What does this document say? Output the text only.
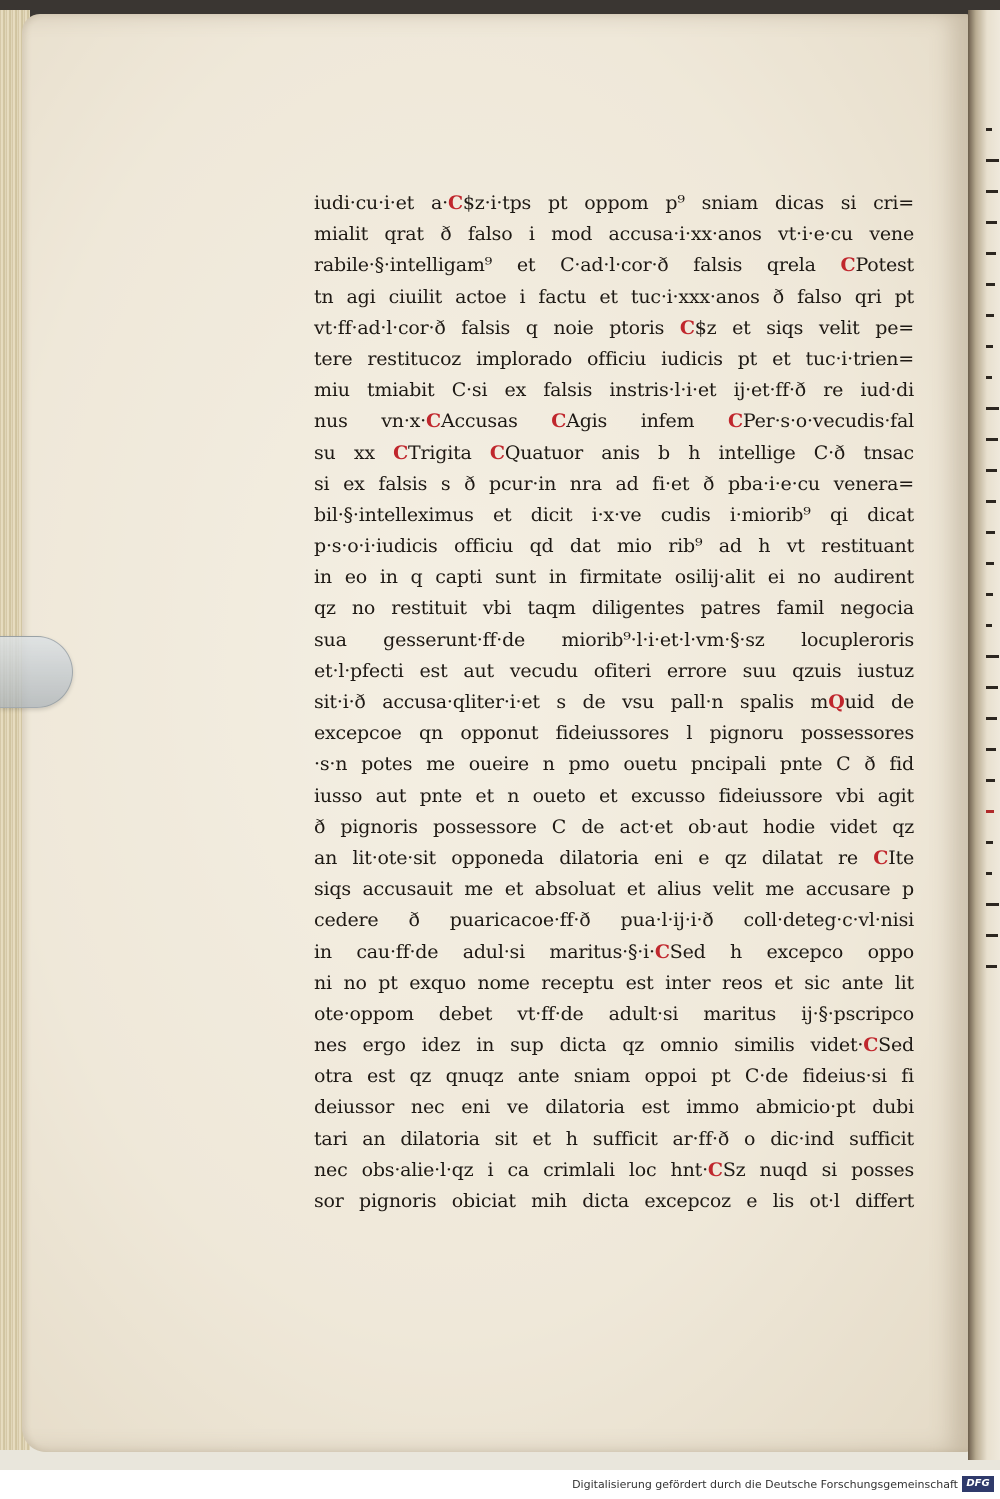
iudi·cu·i·et a·C$z·i·tps pt oppom p⁹ sniam dicas si cri=
mialit qrat ð falso i mod accusa·i·xx·anos vt·i·e·cu vene
rabile·§·intelligam⁹ et C·ad·l·cor·ð falsis qrela CPotest
tn agi ciuilit actoe i factu et tuc·i·xxx·anos ð falso qri pt
vt·ff·ad·l·cor·ð falsis q noie ptoris C$z et siqs velit pe=
tere restitucoz implorado officiu iudicis pt et tuc·i·trien=
miu tmiabit C·si ex falsis instris·l·i·et ij·et·ff·ð re iud·di
nus vn·x·CAccusas CAgis infem CPer·s·o·vecudis·fal
su xx CTrigita CQuatuor anis b h intellige C·ð tnsac
si ex falsis s ð pcur·in nra ad fi·et ð pba·i·e·cu venera=
bil·§·intelleximus et dicit i·x·ve cudis i·miorib⁹ qi dicat
p·s·o·i·iudicis officiu qd dat mio rib⁹ ad h vt restituant
in eo in q capti sunt in firmitate osilij·alit ei no audirent
qz no restituit vbi taqm diligentes patres famil negocia
sua gesserunt·ff·de miorib⁹·l·i·et·l·vm·§·sz locupleroris
et·l·pfecti est aut vecudu ofiteri errore suu qzuis iustuz
sit·i·ð accusa·qliter·i·et s de vsu pall·n spalis mQuid de
excepcoe qn opponut fideiussores l pignoru possessores
·s·n potes me oueire n pmo ouetu pncipali pnte C ð fid
iusso aut pnte et n oueto et excusso fideiussore vbi agit
ð pignoris possessore C de act·et ob·aut hodie videt qz
an lit·ote·sit opponeda dilatoria eni e qz dilatat re CIte
siqs accusauit me et absoluat et alius velit me accusare p
cedere ð puaricacoe·ff·ð pua·l·ij·i·ð coll·deteg·c·vl·nisi
in cau·ff·de adul·si maritus·§·i·CSed h excepco oppo
ni no pt exquo nome receptu est inter reos et sic ante lit
ote·oppom debet vt·ff·de adult·si maritus ij·§·pscripco
nes ergo idez in sup dicta qz omnio similis videt·CSed
otra est qz qnuqz ante sniam oppoi pt C·de fideius·si fi
deiussor nec eni ve dilatoria est immo abmicio·pt dubi
tari an dilatoria sit et h sufficit ar·ff·ð o dic·ind sufficit
nec obs·alie·l·qz i ca crimlali loc hnt·CSz nuqd si posses
sor pignoris obiciat mih dicta excepcoz e lis ot·l differt
Digitalisierung gefördert durch die Deutsche Forschungsgemeinschaft DFG
